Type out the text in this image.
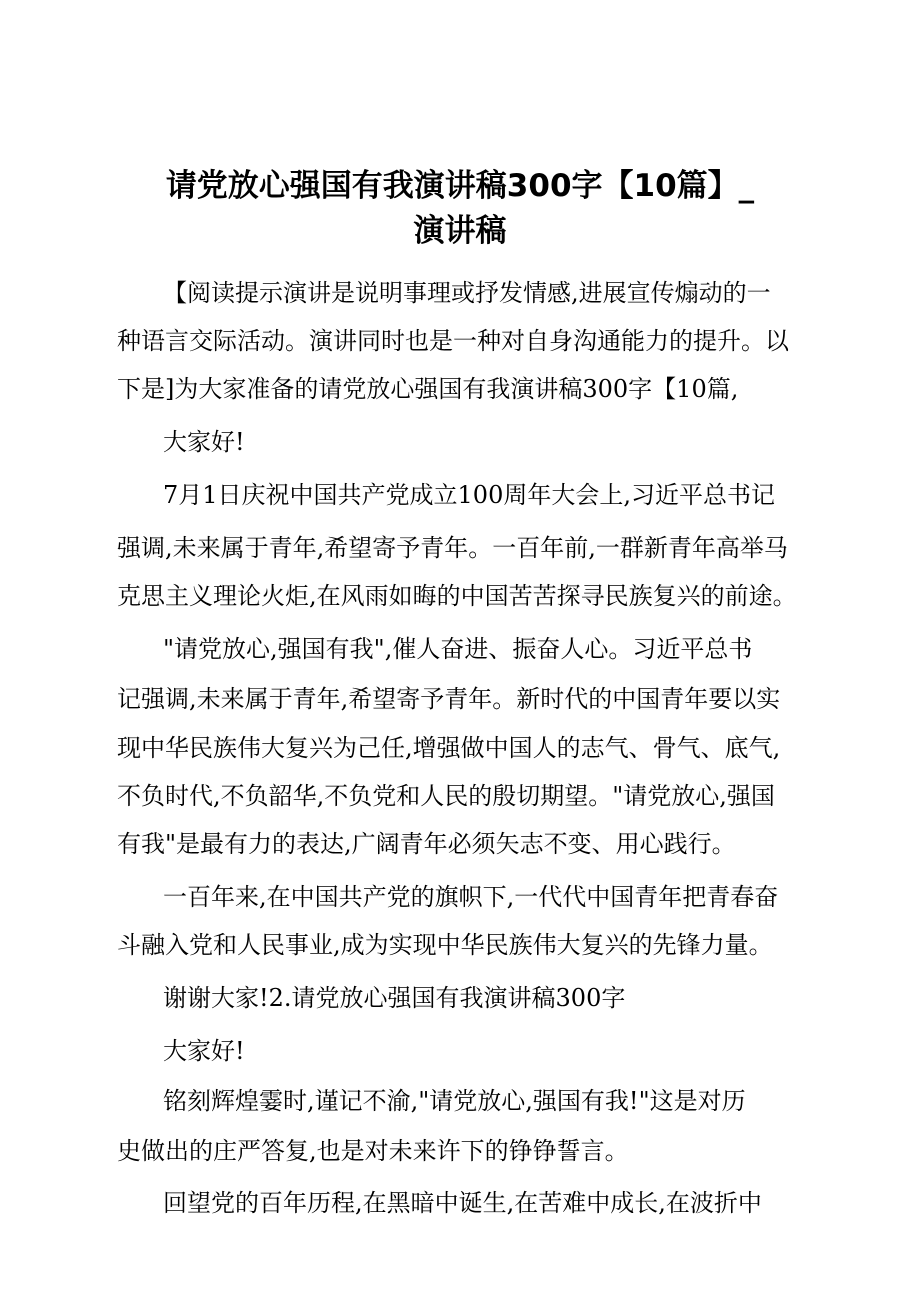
请党放心强国有我演讲稿300字【10篇】_
演讲稿
【阅读提示演讲是说明事理或抒发情感,进展宣传煽动的一
种语言交际活动。演讲同时也是一种对自身沟通能力的提升。以
下是]为大家准备的请党放心强国有我演讲稿300字【10篇,
大家好!
7月1日庆祝中国共产党成立100周年大会上,习近平总书记
强调,未来属于青年,希望寄予青年。一百年前,一群新青年高举马
克思主义理论火炬,在风雨如晦的中国苦苦探寻民族复兴的前途。
"请党放心,强国有我",催人奋进、振奋人心。习近平总书
记强调,未来属于青年,希望寄予青年。新时代的中国青年要以实
现中华民族伟大复兴为己任,增强做中国人的志气、骨气、底气,
不负时代,不负韶华,不负党和人民的殷切期望。"请党放心,强国
有我"是最有力的表达,广阔青年必须矢志不变、用心践行。
一百年来,在中国共产党的旗帜下,一代代中国青年把青春奋
斗融入党和人民事业,成为实现中华民族伟大复兴的先锋力量。
谢谢大家!2.请党放心强国有我演讲稿300字
大家好!
铭刻辉煌霎时,谨记不渝,"请党放心,强国有我!"这是对历
史做出的庄严答复,也是对未来许下的铮铮誓言。
回望党的百年历程,在黑暗中诞生,在苦难中成长,在波折中
